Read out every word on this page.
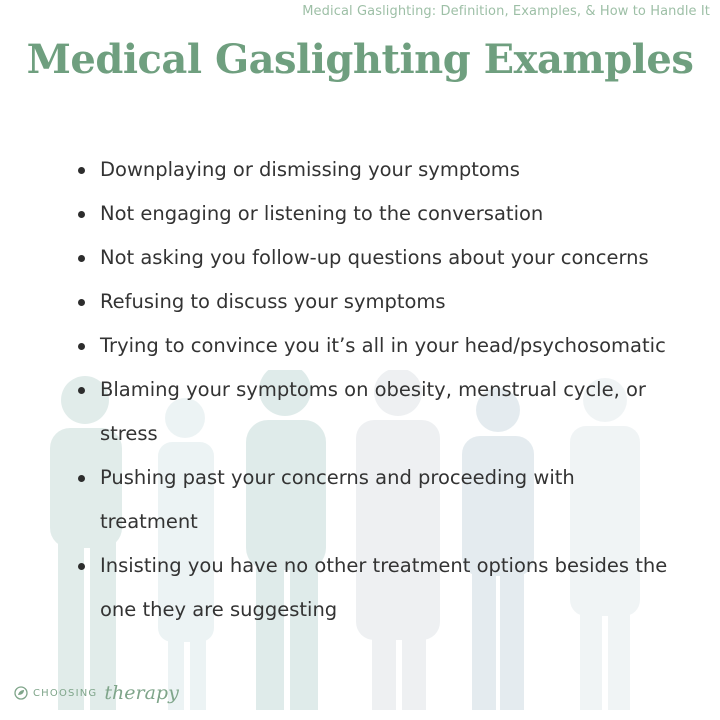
Medical Gaslighting: Definition, Examples, & How to Handle It
Medical Gaslighting Examples
Downplaying or dismissing your symptoms
Not engaging or listening to the conversation
Not asking you follow-up questions about your concerns
Refusing to discuss your symptoms
Trying to convince you it’s all in your head/psychosomatic
Blaming your symptoms on obesity, menstrual cycle, or stress
Pushing past your concerns and proceeding with treatment
Insisting you have no other treatment options besides the one they are suggesting
CHOOSING therapy
